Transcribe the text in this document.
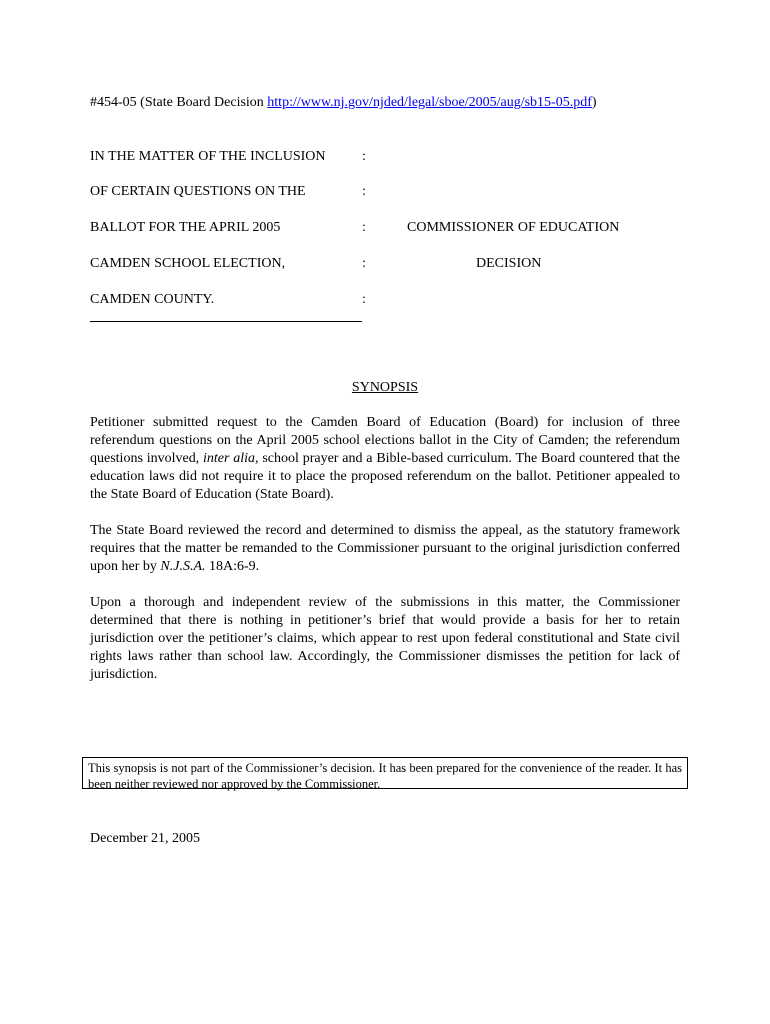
#454-05 (State Board Decision http://www.nj.gov/njded/legal/sboe/2005/aug/sb15-05.pdf)
IN THE MATTER OF THE INCLUSION
OF CERTAIN QUESTIONS ON THE
BALLOT FOR THE APRIL 2005
CAMDEN SCHOOL ELECTION,
CAMDEN COUNTY.
:
:
:
:
:
COMMISSIONER OF EDUCATION
DECISION
SYNOPSIS
Petitioner submitted request to the Camden Board of Education (Board) for inclusion of three referendum questions on the April 2005 school elections ballot in the City of Camden; the referendum questions involved, inter alia, school prayer and a Bible-based curriculum. The Board countered that the education laws did not require it to place the proposed referendum on the ballot. Petitioner appealed to the State Board of Education (State Board).
The State Board reviewed the record and determined to dismiss the appeal, as the statutory framework requires that the matter be remanded to the Commissioner pursuant to the original jurisdiction conferred upon her by N.J.S.A. 18A:6-9.
Upon a thorough and independent review of the submissions in this matter, the Commissioner determined that there is nothing in petitioner’s brief that would provide a basis for her to retain jurisdiction over the petitioner’s claims, which appear to rest upon federal constitutional and State civil rights laws rather than school law. Accordingly, the Commissioner dismisses the petition for lack of jurisdiction.
This synopsis is not part of the Commissioner’s decision. It has been prepared for the convenience of the reader. It has been neither reviewed nor approved by the Commissioner.
December 21, 2005
